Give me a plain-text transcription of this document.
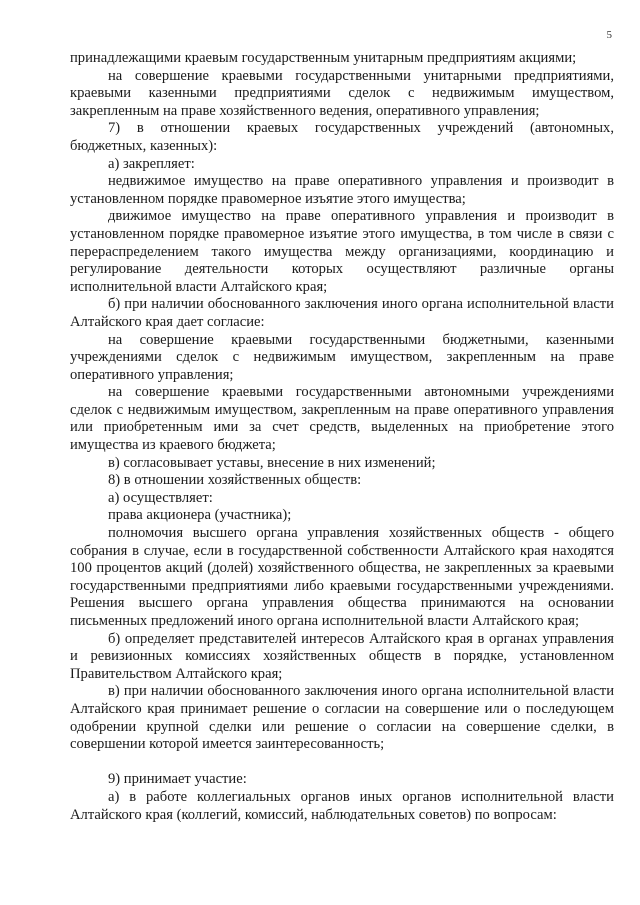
5

принадлежащими краевым государственным унитарным предприятиям акциями;

на совершение краевыми государственными унитарными предприятиями, краевыми казенными предприятиями сделок с недвижимым имуществом, закрепленным на праве хозяйственного ведения, оперативного управления;

7) в отношении краевых государственных учреждений (автономных, бюджетных, казенных):

а) закрепляет:

недвижимое имущество на праве оперативного управления и производит в установленном порядке правомерное изъятие этого имущества;

движимое имущество на праве оперативного управления и производит в установленном порядке правомерное изъятие этого имущества, в том числе в связи с перераспределением такого имущества между организациями, координацию и регулирование деятельности которых осуществляют различные органы исполнительной власти Алтайского края;

б) при наличии обоснованного заключения иного органа исполнительной власти Алтайского края дает согласие:

на совершение краевыми государственными бюджетными, казенными учреждениями сделок с недвижимым имуществом, закрепленным на праве оперативного управления;

на совершение краевыми государственными автономными учреждениями сделок с недвижимым имуществом, закрепленным на праве оперативного управления или приобретенным ими за счет средств, выделенных на приобретение этого имущества из краевого бюджета;

в) согласовывает уставы, внесение в них изменений;

8) в отношении хозяйственных обществ:

а) осуществляет:

права акционера (участника);

полномочия высшего органа управления хозяйственных обществ - общего собрания в случае, если в государственной собственности Алтайского края находятся 100 процентов акций (долей) хозяйственного общества, не закрепленных за краевыми государственными предприятиями либо краевыми государственными учреждениями. Решения высшего органа управления общества принимаются на основании письменных предложений иного органа исполнительной власти Алтайского края;

б) определяет представителей интересов Алтайского края в органах управления и ревизионных комиссиях хозяйственных обществ в порядке, установленном Правительством Алтайского края;

в) при наличии обоснованного заключения иного органа исполнительной власти Алтайского края принимает решение о согласии на совершение или о последующем одобрении крупной сделки или решение о согласии на совершение сделки, в совершении которой имеется заинтересованность;

9) принимает участие:

а) в работе коллегиальных органов иных органов исполнительной власти Алтайского края (коллегий, комиссий, наблюдательных советов) по вопросам:
